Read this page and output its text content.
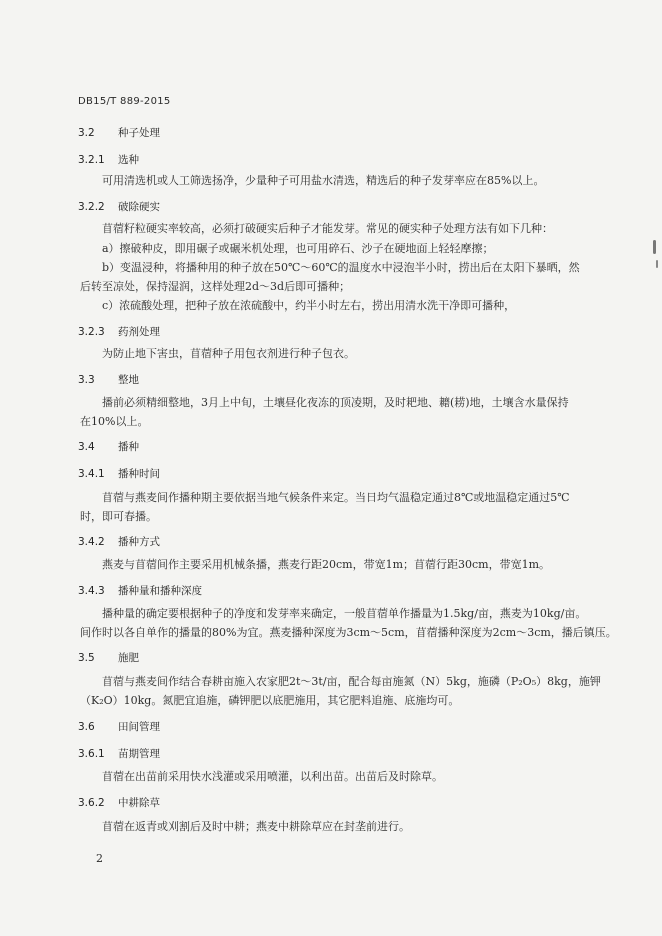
DB15/T 889-2015
3.2 种子处理
3.2.1 选种
可用清选机或人工筛选扬净，少量种子可用盐水清选，精选后的种子发芽率应在85%以上。
3.2.2 破除硬实
苜蓿籽粒硬实率较高，必须打破硬实后种子才能发芽。常见的硬实种子处理方法有如下几种：
a）擦破种皮，即用碾子或碾米机处理，也可用碎石、沙子在硬地面上轻轻摩擦；
b）变温浸种，将播种用的种子放在50℃～60℃的温度水中浸泡半小时，捞出后在太阳下暴晒，然
后转至凉处，保持湿润，这样处理2d～3d后即可播种；
c）浓硫酸处理，把种子放在浓硫酸中，约半小时左右，捞出用清水洗干净即可播种，
3.2.3 药剂处理
为防止地下害虫，苜蓿种子用包衣剂进行种子包衣。
3.3 整地
播前必须精细整地，3月上中旬，土壤昼化夜冻的顶凌期，及时耙地、耱(耢)地，土壤含水量保持
在10%以上。
3.4 播种
3.4.1 播种时间
苜蓿与燕麦间作播种期主要依据当地气候条件来定。当日均气温稳定通过8℃或地温稳定通过5℃
时，即可春播。
3.4.2 播种方式
燕麦与苜蓿间作主要采用机械条播，燕麦行距20cm，带宽1m；苜蓿行距30cm，带宽1m。
3.4.3 播种量和播种深度
播种量的确定要根据种子的净度和发芽率来确定，一般苜蓿单作播量为1.5kg/亩，燕麦为10kg/亩。
间作时以各自单作的播量的80%为宜。燕麦播种深度为3cm～5cm，苜蓿播种深度为2cm～3cm，播后镇压。
3.5 施肥
苜蓿与燕麦间作结合春耕亩施入农家肥2t～3t/亩，配合每亩施氮（N）5kg，施磷（P₂O₅）8kg，施钾
（K₂O）10kg。氮肥宜追施，磷钾肥以底肥施用，其它肥料追施、底施均可。
3.6 田间管理
3.6.1 苗期管理
苜蓿在出苗前采用快水浅灌或采用喷灌，以利出苗。出苗后及时除草。
3.6.2 中耕除草
苜蓿在返青或刈割后及时中耕；燕麦中耕除草应在封垄前进行。
2
